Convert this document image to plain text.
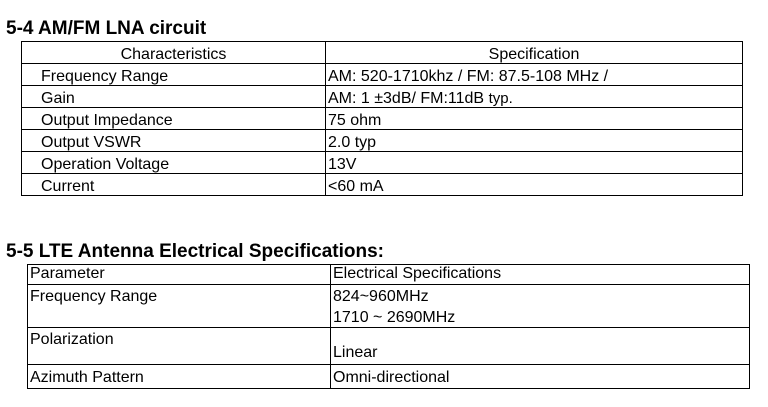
5-4 AM/FM LNA circuit
Characteristics	Specification
Frequency Range	AM: 520-1710khz / FM: 87.5-108 MHz /
Gain	AM: 1 ±3dB/ FM:11dB typ.
Output Impedance	75 ohm
Output VSWR	2.0 typ
Operation Voltage	13V
Current	<60 mA
5-5 LTE Antenna Electrical Specifications:
Parameter	Electrical Specifications
Frequency Range	824~960MHz
1710 ~ 2690MHz

Polarization	Linear
Azimuth Pattern	Omni-directional
